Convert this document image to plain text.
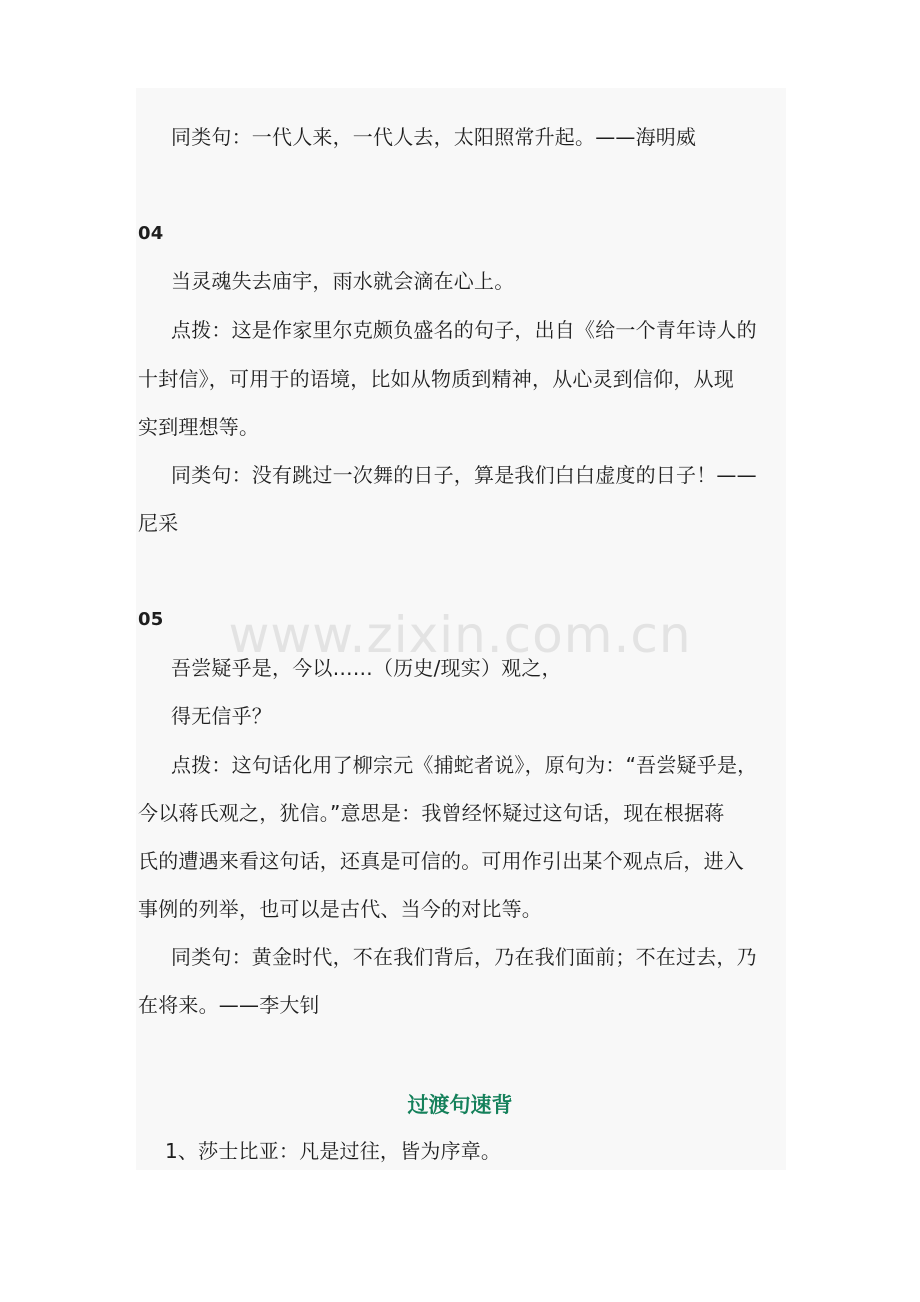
www.zixin.com.cn
同类句：一代人来，一代人去，太阳照常升起。——海明威
04
当灵魂失去庙宇，雨水就会滴在心上。
点拨：这是作家里尔克颇负盛名的句子，出自《给一个青年诗人的
十封信》，可用于的语境，比如从物质到精神，从心灵到信仰，从现
实到理想等。
同类句：没有跳过一次舞的日子，算是我们白白虚度的日子！——
尼采
05
吾尝疑乎是，今以……（历史/现实）观之，
得无信乎？
点拨：这句话化用了柳宗元《捕蛇者说》，原句为：“吾尝疑乎是，
今以蒋氏观之，犹信。”意思是：我曾经怀疑过这句话，现在根据蒋
氏的遭遇来看这句话，还真是可信的。可用作引出某个观点后，进入
事例的列举，也可以是古代、当今的对比等。
同类句：黄金时代，不在我们背后，乃在我们面前；不在过去，乃
在将来。——李大钊
过渡句速背
1、莎士比亚：凡是过往，皆为序章。
